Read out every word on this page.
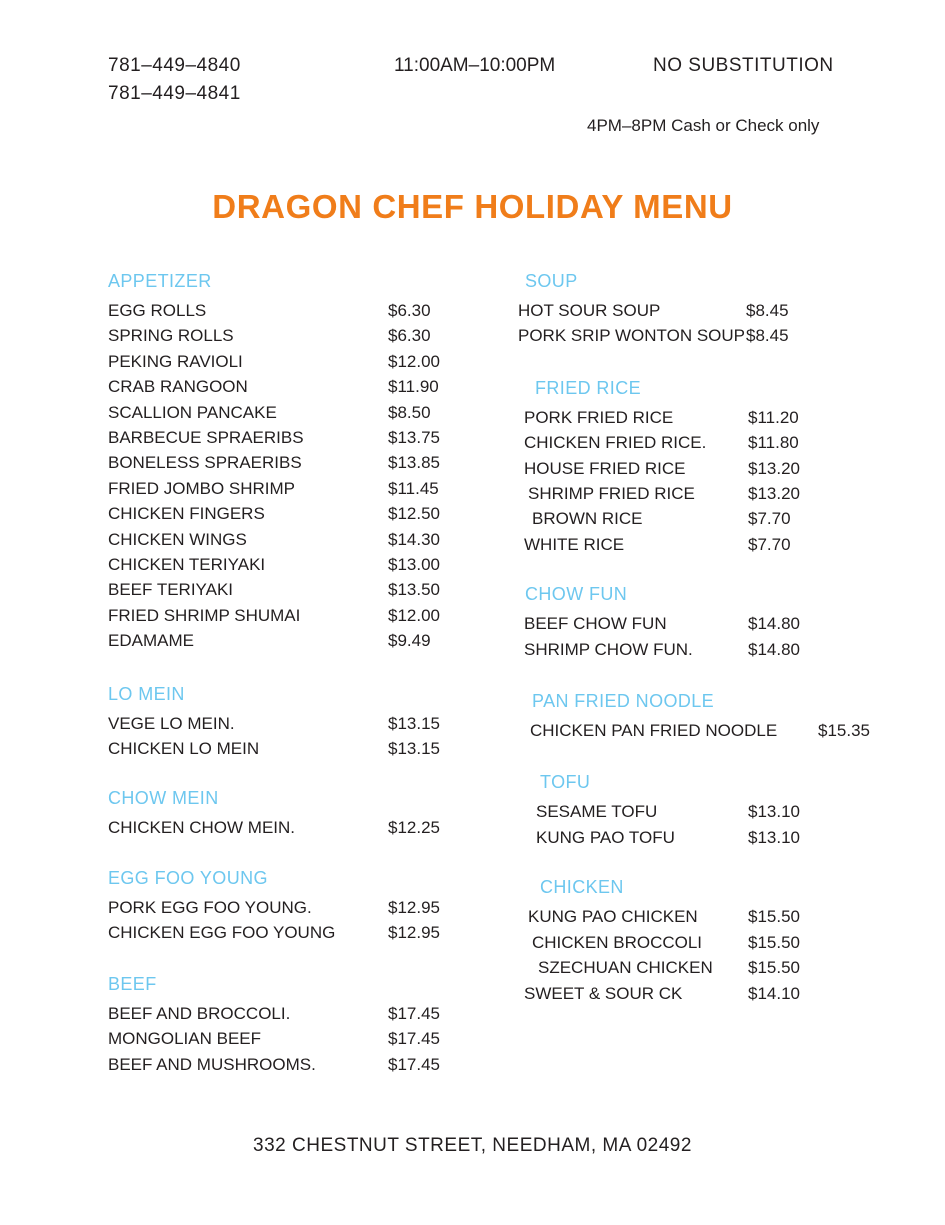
781–449–4840
781–449–4841
11:00AM–10:00PM	NO SUBSTITUTION
4PM–8PM Cash or Check only
DRAGON CHEF HOLIDAY MENU
APPETIZER
EGG ROLLS	$6.30
SPRING ROLLS	$6.30
PEKING RAVIOLI	$12.00
CRAB RANGOON	$11.90
SCALLION PANCAKE	$8.50
BARBECUE SPRAERIBS	$13.75
BONELESS SPRAERIBS	$13.85
FRIED JOMBO SHRIMP	$11.45
CHICKEN FINGERS	$12.50
CHICKEN WINGS	$14.30
CHICKEN TERIYAKI	$13.00
BEEF TERIYAKI	$13.50
FRIED SHRIMP SHUMAI	$12.00
EDAMAME	$9.49
LO MEIN
VEGE LO MEIN.	$13.15
CHICKEN LO MEIN	$13.15
CHOW MEIN
CHICKEN CHOW MEIN.	$12.25
EGG FOO YOUNG
PORK EGG FOO YOUNG.	$12.95
CHICKEN EGG FOO YOUNG	$12.95
BEEF
BEEF AND BROCCOLI.	$17.45
MONGOLIAN BEEF	$17.45
BEEF AND MUSHROOMS.	$17.45
SOUP
HOT SOUR SOUP	$8.45
PORK SRIP WONTON SOUP $8.45
FRIED RICE
PORK FRIED RICE	$11.20
CHICKEN FRIED RICE. $11.80
HOUSE FRIED RICE	$13.20
SHRIMP FRIED RICE	$13.20
BROWN RICE	$7.70
WHITE RICE	$7.70
CHOW FUN
BEEF CHOW FUN	$14.80
SHRIMP CHOW FUN.	$14.80
PAN FRIED NOODLE
CHICKEN PAN FRIED NOODLE $15.35
TOFU
SESAME TOFU	$13.10
KUNG PAO TOFU	$13.10
CHICKEN
KUNG PAO CHICKEN	$15.50
CHICKEN BROCCOLI	$15.50
SZECHUAN CHICKEN $15.50
SWEET & SOUR CK	$14.10
332 CHESTNUT STREET, NEEDHAM, MA 02492
